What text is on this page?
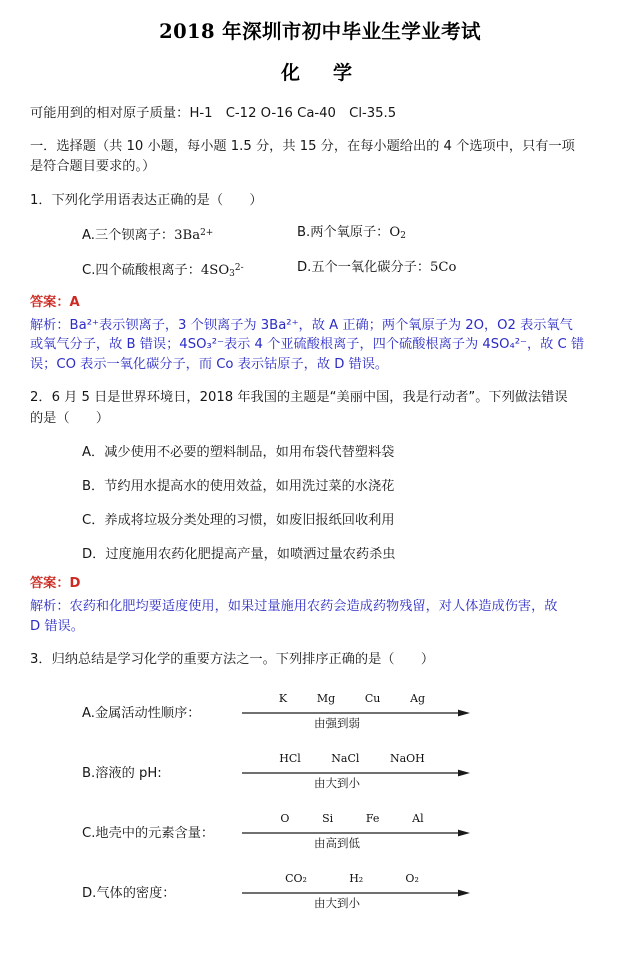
2018 年深圳市初中毕业生学业考试
化　学

可能用到的相对原子质量：H-1　C-12 O-16 Ca-40　Cl-35.5

一．选择题（共 10 小题，每小题 1.5 分，共 15 分，在每小题给出的 4 个选项中，只有一项
是符合题目要求的。）

1．下列化学用语表达正确的是（　　）

A.三个钡离子：$3Ba^{2+}$	B.两个氧原子：$O_2$
C.四个硫酸根离子：$4SO_3^{2-}$	D.五个一氧化碳分子：5Co

答案：A

解析：Ba²⁺表示钡离子，3 个钡离子为 3Ba²⁺，故 A 正确；两个氧原子为 2O，O2 表示氧气
或氧气分子，故 B 错误；4SO₃²⁻表示 4 个亚硫酸根离子，四个硫酸根离子为 4SO₄²⁻，故 C 错
误；CO 表示一氧化碳分子，而 Co 表示钴原子，故 D 错误。
2．6 月 5 日是世界环境日，2018 年我国的主题是“美丽中国，我是行动者”。下列做法错误
的是（　　）
A．减少使用不必要的塑料制品，如用布袋代替塑料袋
B．节约用水提高水的使用效益，如用洗过菜的水浇花
C．养成将垃圾分类处理的习惯，如废旧报纸回收利用
D．过度施用农药化肥提高产量，如喷洒过量农药杀虫

答案：D

解析：农药和化肥均要适度使用，如果过量施用农药会造成药物残留，对人体造成伤害，故
D 错误。

3．归纳总结是学习化学的重要方法之一。下列排序正确的是（　　）

A.金属活动性顺序：
K	Mg	Cu	Ag
由强到弱
B.溶液的 pH:
HCl	NaCl	NaOH
由大到小
C.地壳中的元素含量：
O	Si	Fe	Al
由高到低
D.气体的密度：
CO₂	H₂	O₂
由大到小
